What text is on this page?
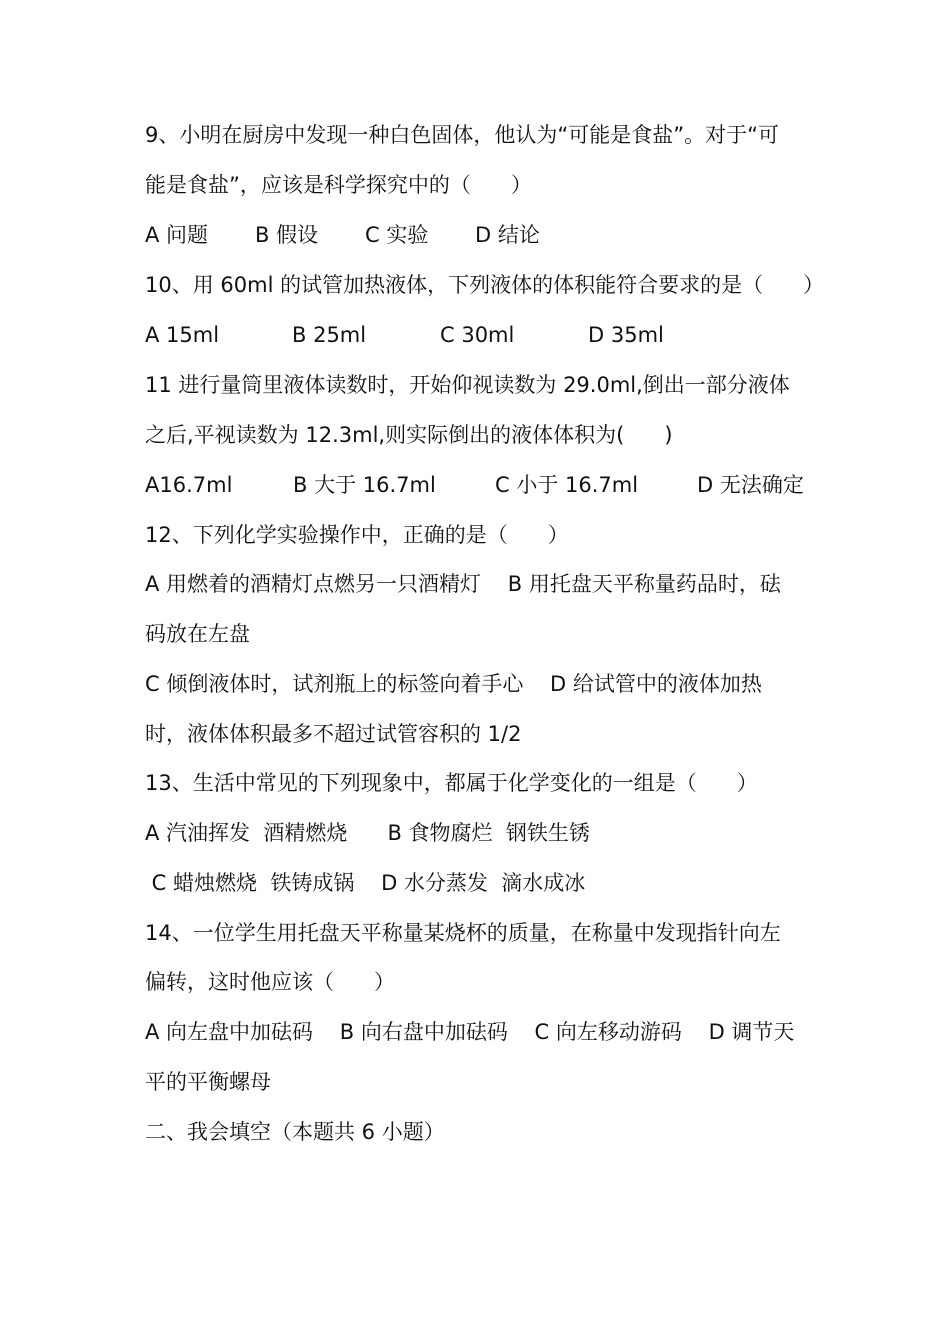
9、小明在厨房中发现一种白色固体，他认为“可能是食盐”。对于“可

能是食盐”，应该是科学探究中的（      ）

A 问题 B 假设 C 实验 D 结论

10、用 60ml 的试管加热液体，下列液体的体积能符合要求的是（      ）

A 15ml	B 25ml	C 30ml	D 35ml

11 进行量筒里液体读数时，开始仰视读数为 29.0ml,倒出一部分液体

之后,平视读数为 12.3ml,则实际倒出的液体体积为(      )

A16.7ml	B 大于 16.7ml	C 小于 16.7ml	D 无法确定

12、下列化学实验操作中，正确的是（      ）

A 用燃着的酒精灯点燃另一只酒精灯    B 用托盘天平称量药品时，砝

码放在左盘

C 倾倒液体时，试剂瓶上的标签向着手心    D 给试管中的液体加热

时，液体体积最多不超过试管容积的 1/2

13、生活中常见的下列现象中，都属于化学变化的一组是（      ）

A 汽油挥发  酒精燃烧      B 食物腐烂  钢铁生锈

C 蜡烛燃烧  铁铸成锅    D 水分蒸发  滴水成冰

14、一位学生用托盘天平称量某烧杯的质量，在称量中发现指针向左

偏转，这时他应该（      ）

A 向左盘中加砝码    B 向右盘中加砝码    C 向左移动游码    D 调节天

平的平衡螺母

二、我会填空（本题共 6 小题）
